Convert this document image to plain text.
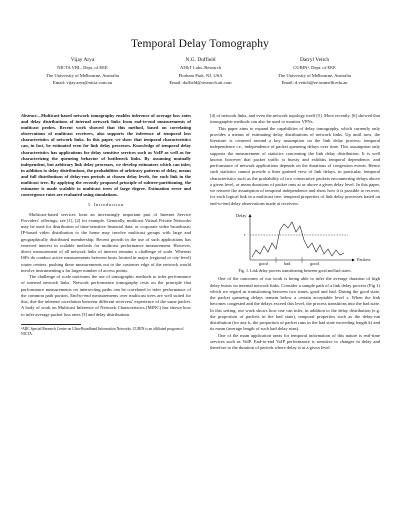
Temporal Delay Tomography
Vijay Arya
NICTA VRL, Dept. of EEE
The University of Melbourne, Australia
Email: vijay.arya@nicta.com.au
N.G. Duffield
AT&T Labs–Research
Florham Park, NJ, USA
Email: duffield@research.att.com
Darryl Veitch
CUBIN¹, Dept. of EEE
The University of Melbourne, Australia
Email: d.veitch@ee.unimelb.edu.au
Abstract—Multicast-based network tomography enables inference of average loss rates and delay distributions of internal network links from end-to-end measurements of multicast probes. Recent work showed that this method, based on correlating observations of multicast receivers, also supports the inference of temporal loss characteristics of network links. In this paper, we show that temporal characteristics can, in fact, be estimated even for link delay processes. Knowledge of temporal delay characteristics has applications for delay sensitive services such as VoIP as well as for characterizing the queueing behavior of bottleneck links. By assuming mutually independent, but arbitrary link delay processes, we develop estimators which can infer, in addition to delay distributions, the probabilities of arbitrary patterns of delay, means and full distributions of delay-run periods at chosen delay levels, for each link in the multicast tree. By applying the recently proposed principle of subtree-partitioning, the estimator is made scalable to multicast trees of large degree. Estimation error and convergence rates are evaluated using simulations.
I. Introduction

Multicast-based services form an increasingly important part of Internet Service Providers' offerings; see [1], [2] for example. Generally, multicast Virtual Private Networks may be used for distribution of time-sensitive financial data, or corporate video broadcasts; IP-based video distribution to the home may involve multicast groups with large and geographically distributed membership. Recent growth in the use of such applications has renewed interest in scalable methods for multicast performance measurement. However, direct measurement of all network links of interest remains a challenge of scale. Whereas ISPs do conduct active measurements between hosts located in major (regional or city-level) router centers, pushing these measurements out to the customer edge of the network would involve instrumenting a far larger number of access points.

The challenge of scale motivates the use of tomographic methods to infer performance of internal network links. Network performance tomography rests on the principle that performance measurements on intersecting paths can be correlated to infer performance of the common path portion. End-to-end measurements over multicast trees are well suited for this, due the inherent correlation between different receivers' experience of the same packet. A body of work on Multicast Inference of Network Characteristics (MINC) has shown how to infer average packet loss rates [3] and delay distributions

¹ARC Special Research Centre on Ultra-Broadband Information Networks. CUBIN is an affiliated program of NICTA.

[4] of network links, and even the network topology itself [5]. More recently, [6] showed that tomographic methods can also be used to monitor VPNs.

This paper aims to expand the capabilities of delay tomography, which currently only provides a means of estimating delay distributions of network links. Up until now, the literature is centered around a key assumption on the link delay process: temporal independence i.e., independence of packet queueing delays over time. This assumption only supports the measurement of statistics concerning the link delay distribution. It is well known however that packet traffic is bursty and exhibits temporal dependence, and performance of network applications depends on the durations of congestion events. Hence such statistics cannot provide a finer grained view of link delays, in particular, temporal characteristics such as the probability of two consecutive packets encountering delays above a given level, or mean durations of packet runs at or above a given delay level. In this paper, we remove the assumption of temporal independence and show how it is possible to recover, for each logical link in a multicast tree, temporal properties of link delay processes based on end-to-end delay observations made at receivers.

Delay
τ
Packets
good	bad	good
Fig. 1. Link delay process transitioning between good and bad states.

One of the outcomes of our work is being able to infer the average duration of high delay bursts on internal network links. Consider a sample path of a link delay process (Fig 1) which we regard as transitioning between two states, good and bad. During the good state, the packet queueing delays remain below a certain acceptable level τ. When the link becomes congested and the delays exceed this level, the process transitions into the bad state. In this setting, our work shows how one can infer, in addition to the delay distribution (e.g. the proportion of packets in the bad state), temporal properties such as the delay-run distribution (for any k, the proportion of packet runs in the bad state exceeding length k) and its mean (average length of such bad delay runs).

One of the main application areas for temporal information of this nature is real-time services such as VoIP. End-to-end VoIP performance is sensitive to changes in delay and therefore to the duration of periods where delay is at a given level.
